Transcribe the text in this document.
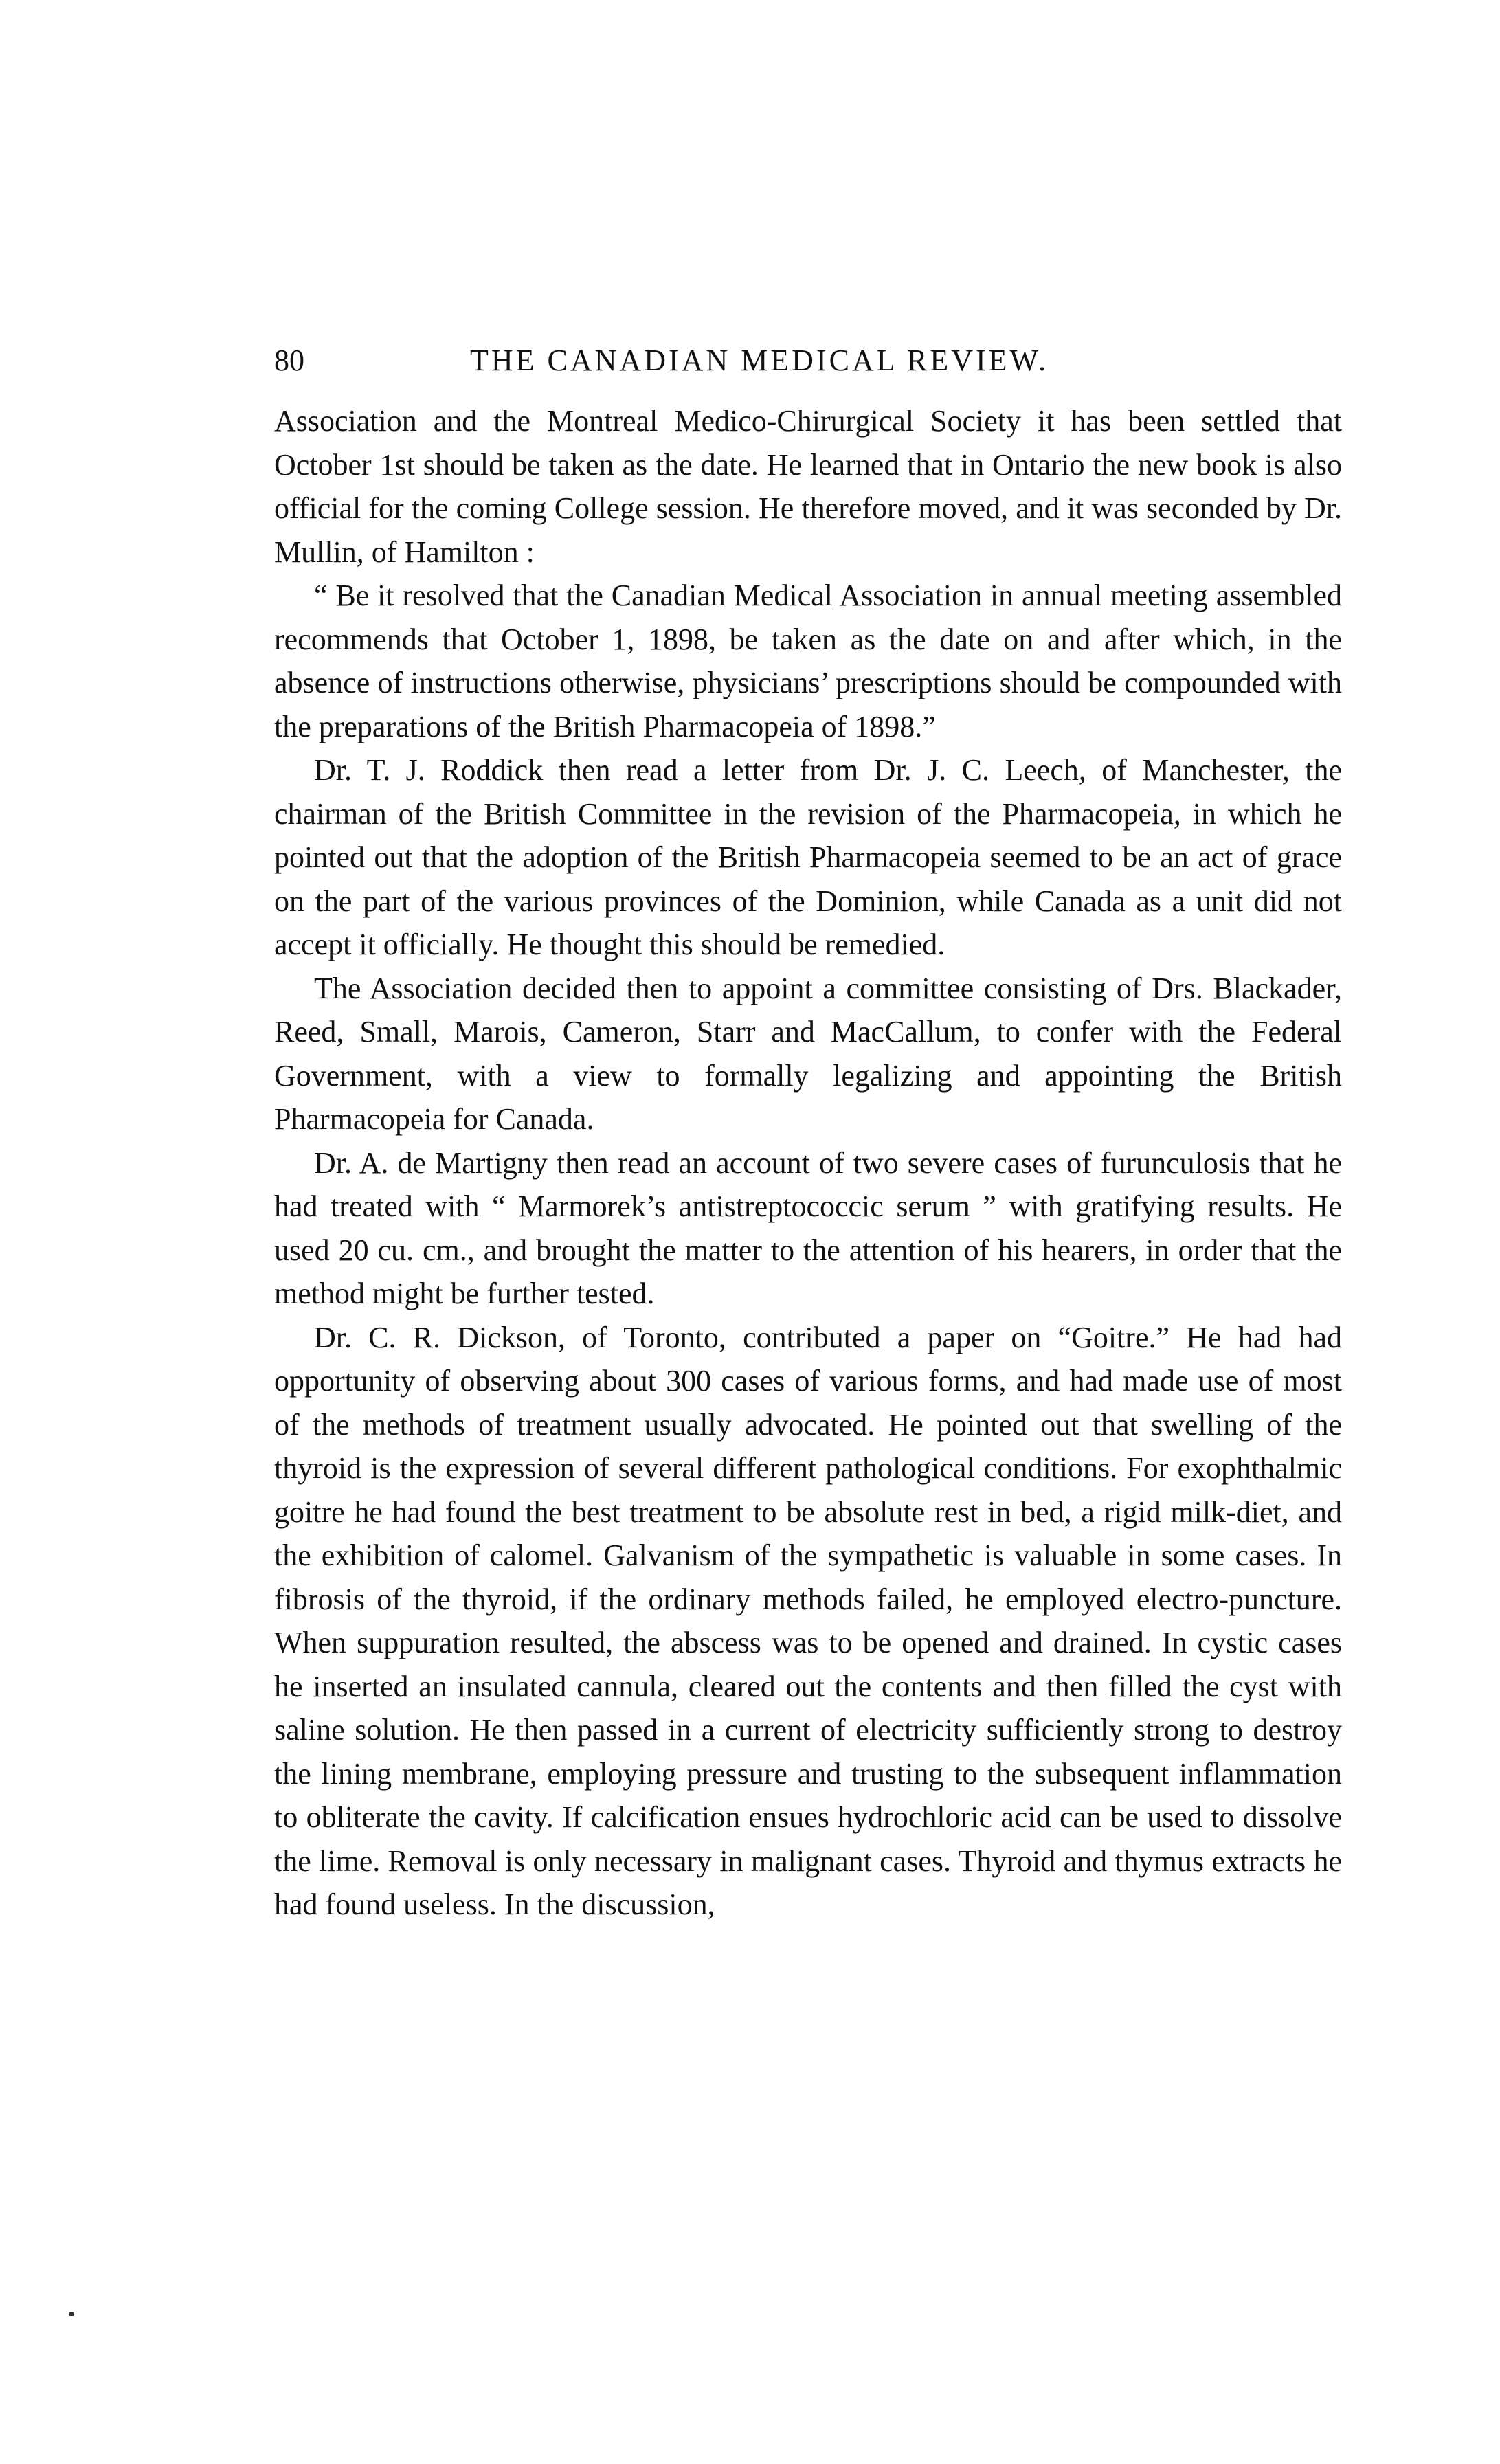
80	THE CANADIAN MEDICAL REVIEW.

Association and the Montreal Medico-Chirurgical Society it has been settled that October 1st should be taken as the date. He learned that in Ontario the new book is also official for the coming College session. He therefore moved, and it was seconded by Dr. Mullin, of Hamilton :

“ Be it resolved that the Canadian Medical Association in annual meeting assembled recommends that October 1, 1898, be taken as the date on and after which, in the absence of instructions otherwise, physicians’ prescriptions should be compounded with the preparations of the British Pharmacopeia of 1898.”

Dr. T. J. Roddick then read a letter from Dr. J. C. Leech, of Manchester, the chairman of the British Committee in the revision of the Pharmacopeia, in which he pointed out that the adoption of the British Pharmacopeia seemed to be an act of grace on the part of the various provinces of the Dominion, while Canada as a unit did not accept it officially. He thought this should be remedied.

The Association decided then to appoint a committee consisting of Drs. Blackader, Reed, Small, Marois, Cameron, Starr and MacCallum, to confer with the Federal Government, with a view to formally legalizing and appointing the British Pharmacopeia for Canada.

Dr. A. de Martigny then read an account of two severe cases of furunculosis that he had treated with “ Marmorek’s antistreptococcic serum ” with gratifying results. He used 20 cu. cm., and brought the matter to the attention of his hearers, in order that the method might be further tested.

Dr. C. R. Dickson, of Toronto, contributed a paper on “Goitre.” He had had opportunity of observing about 300 cases of various forms, and had made use of most of the methods of treatment usually advocated. He pointed out that swelling of the thyroid is the expression of several different pathological conditions. For exophthalmic goitre he had found the best treatment to be absolute rest in bed, a rigid milk-diet, and the exhibition of calomel. Galvanism of the sympathetic is valuable in some cases. In fibrosis of the thyroid, if the ordinary methods failed, he employed electro-puncture. When suppuration resulted, the abscess was to be opened and drained. In cystic cases he inserted an insulated cannula, cleared out the contents and then filled the cyst with saline solution. He then passed in a current of electricity sufficiently strong to destroy the lining membrane, employing pressure and trusting to the subsequent inflammation to obliterate the cavity. If calcification ensues hydrochloric acid can be used to dissolve the lime. Removal is only necessary in malignant cases. Thyroid and thymus extracts he had found useless. In the discussion,
